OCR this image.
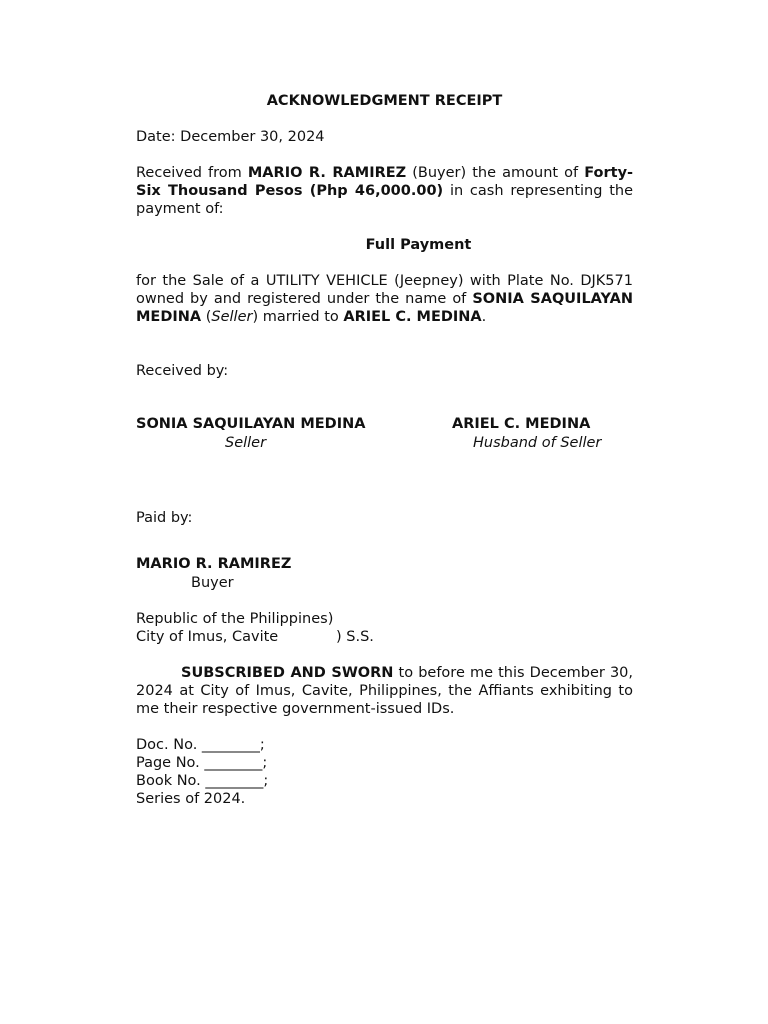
ACKNOWLEDGMENT RECEIPT

Date: December 30, 2024

Received from MARIO R. RAMIREZ (Buyer) the amount of Forty-Six Thousand Pesos (Php 46,000.00) in cash representing the payment of:

Full Payment

for the Sale of a UTILITY VEHICLE (Jeepney) with Plate No. DJK571 owned by and registered under the name of SONIA SAQUILAYAN MEDINA (Seller) married to ARIEL C. MEDINA.

Received by:

SONIA SAQUILAYAN MEDINA
Seller
ARIEL C. MEDINA
Husband of Seller

Paid by:

MARIO R. RAMIREZ
Buyer
Republic of the Philippines)
City of Imus, Cavite	) S.S.

SUBSCRIBED AND SWORN to before me this December 30, 2024 at City of Imus, Cavite, Philippines, the Affiants exhibiting to me their respective government-issued IDs.

Doc. No. ________;
Page No. ________;
Book No. ________;
Series of 2024.
